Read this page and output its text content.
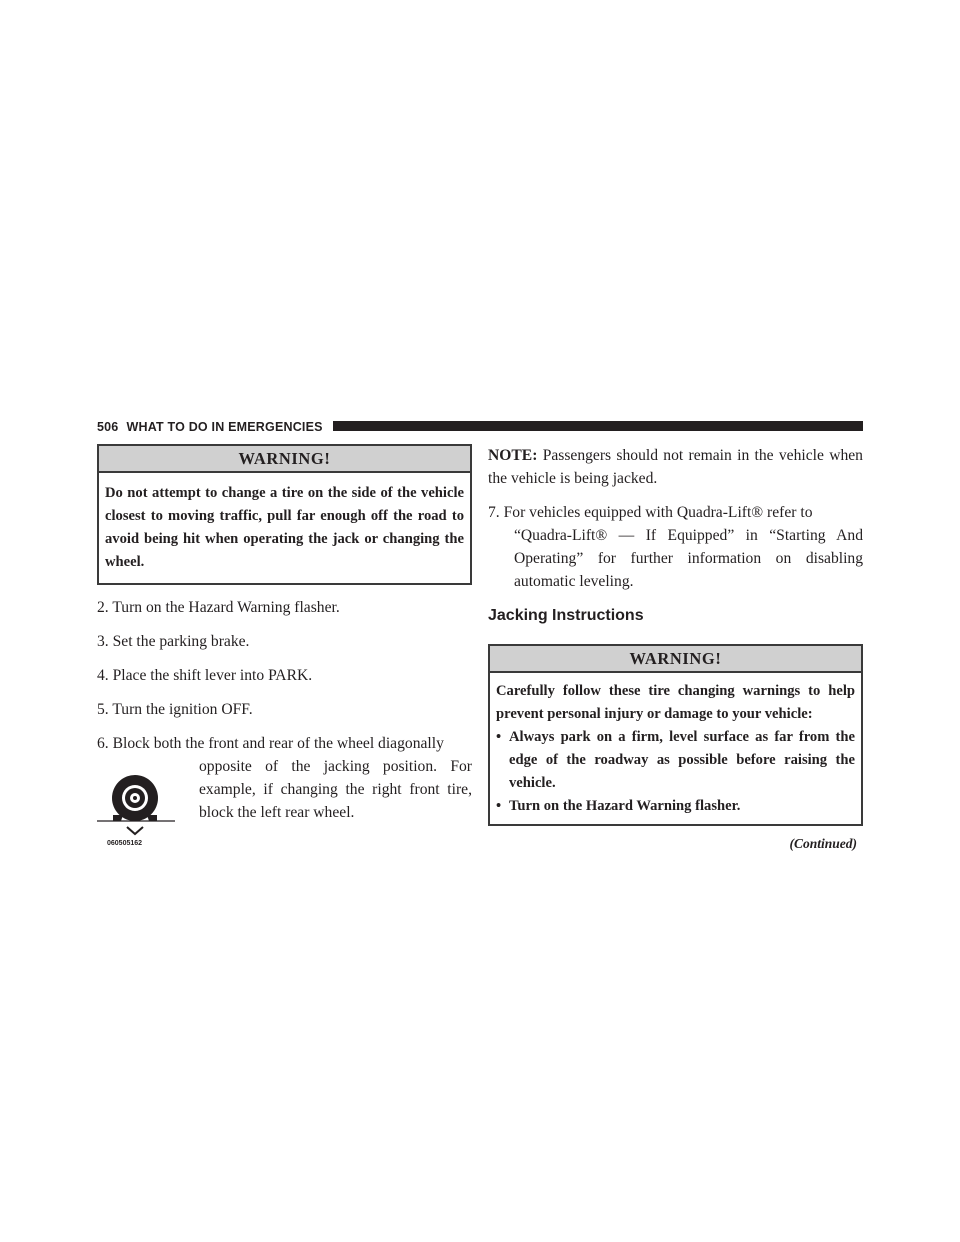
506 WHAT TO DO IN EMERGENCIES
WARNING!
Do not attempt to change a tire on the side of the vehicle closest to moving traffic, pull far enough off the road to avoid being hit when operating the jack or changing the wheel.

2. Turn on the Hazard Warning flasher.

3. Set the parking brake.

4. Place the shift lever into PARK.

5. Turn the ignition OFF.

6. Block both the front and rear of the wheel diagonally

060505162
opposite of the jacking position. For example, if changing the right front tire, block the left rear wheel.

NOTE: Passengers should not remain in the vehicle when the vehicle is being jacked.

7. For vehicles equipped with Quadra-Lift® refer to

“Quadra-Lift® — If Equipped” in “Starting And Operating” for further information on disabling automatic leveling.

Jacking Instructions

WARNING!
Carefully follow these tire changing warnings to help prevent personal injury or damage to your vehicle:
• Always park on a firm, level surface as far from the edge of the roadway as possible before raising the vehicle.
• Turn on the Hazard Warning flasher.
(Continued)
